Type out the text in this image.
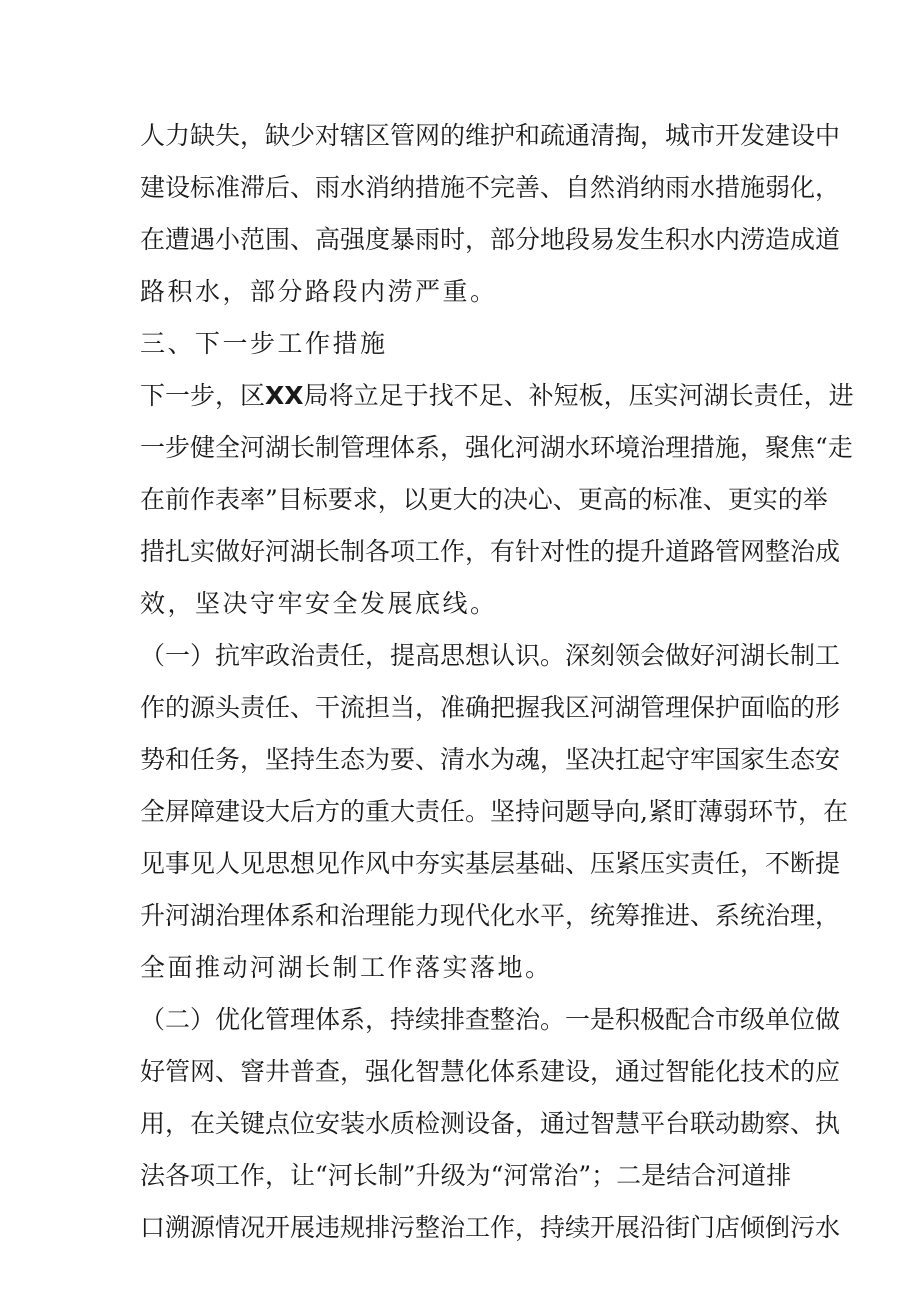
人力缺失，缺少对辖区管网的维护和疏通清掏，城市开发建设中
建设标准滞后、雨水消纳措施不完善、自然消纳雨水措施弱化，
在遭遇小范围、高强度暴雨时，部分地段易发生积水内涝造成道
路积水，部分路段内涝严重。
三、下一步工作措施
下一步，区XX局将立足于找不足、补短板，压实河湖长责任，进
一步健全河湖长制管理体系，强化河湖水环境治理措施，聚焦“走
在前作表率”目标要求，以更大的决心、更高的标准、更实的举
措扎实做好河湖长制各项工作，有针对性的提升道路管网整治成
效，坚决守牢安全发展底线。
（一）抗牢政治责任，提高思想认识。深刻领会做好河湖长制工
作的源头责任、干流担当，准确把握我区河湖管理保护面临的形
势和任务，坚持生态为要、清水为魂，坚决扛起守牢国家生态安
全屏障建设大后方的重大责任。坚持问题导向,紧盯薄弱环节，在
见事见人见思想见作风中夯实基层基础、压紧压实责任，不断提
升河湖治理体系和治理能力现代化水平，统筹推进、系统治理，
全面推动河湖长制工作落实落地。
（二）优化管理体系，持续排查整治。一是积极配合市级单位做
好管网、窨井普查，强化智慧化体系建设，通过智能化技术的应
用，在关键点位安装水质检测设备，通过智慧平台联动勘察、执
法各项工作，让“河长制”升级为“河常治”；二是结合河道排
口溯源情况开展违规排污整治工作，持续开展沿街门店倾倒污水
